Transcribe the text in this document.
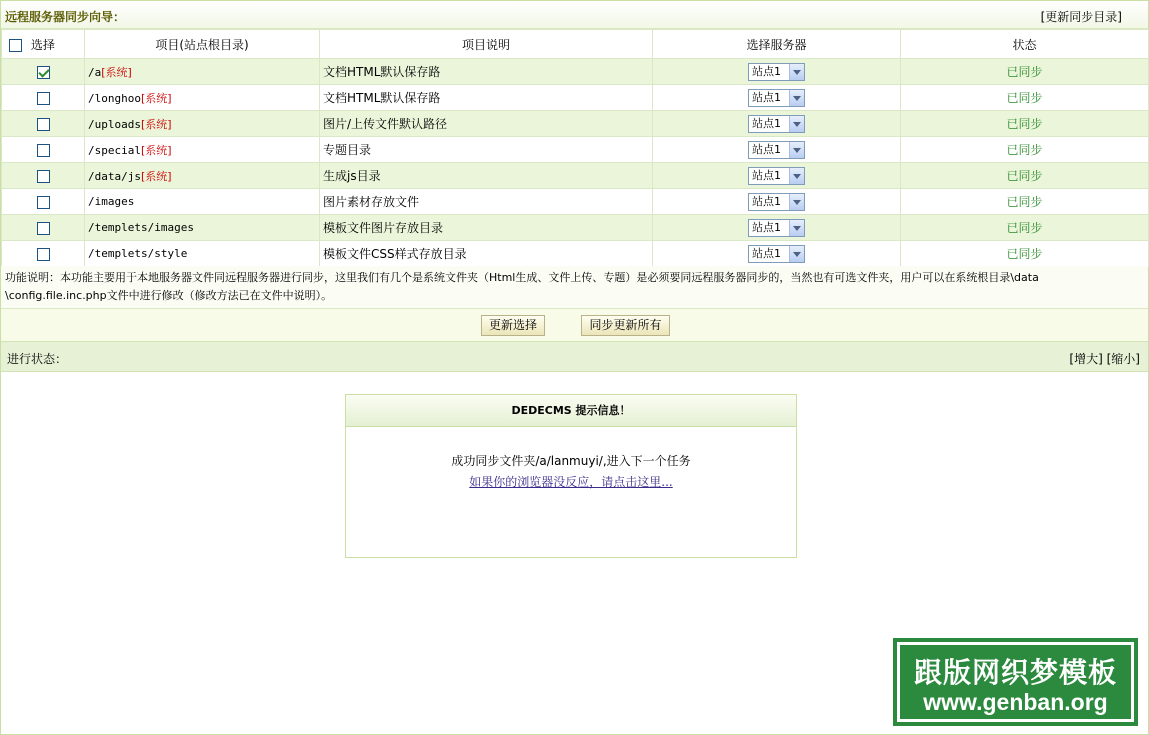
远程服务器同步向导：	[更新同步目录]
选择	项目(站点根目录)	项目说明	选择服务器	状态
	/a[系统]	文档HTML默认保存路	站点1	已同步
	/longhoo[系统]	文档HTML默认保存路	站点1	已同步
	/uploads[系统]	图片/上传文件默认路径	站点1	已同步
	/special[系统]	专题目录	站点1	已同步
	/data/js[系统]	生成js目录	站点1	已同步
	/images	图片素材存放文件	站点1	已同步
	/templets/images	模板文件图片存放目录	站点1	已同步
	/templets/style	模板文件CSS样式存放目录	站点1	已同步
功能说明：本功能主要用于本地服务器文件同远程服务器进行同步，这里我们有几个是系统文件夹（Html生成、文件上传、专题）是必须要同远程服务器同步的，当然也有可选文件夹，用户可以在系统根目录\data
\config.file.inc.php文件中进行修改（修改方法已在文件中说明）。
更新选择	同步更新所有
进行状态：	[增大] [缩小]
DEDECMS 提示信息！
成功同步文件夹/a/lanmuyi/,进入下一个任务
如果你的浏览器没反应，请点击这里...
跟版网织梦模板
www.genban.org
